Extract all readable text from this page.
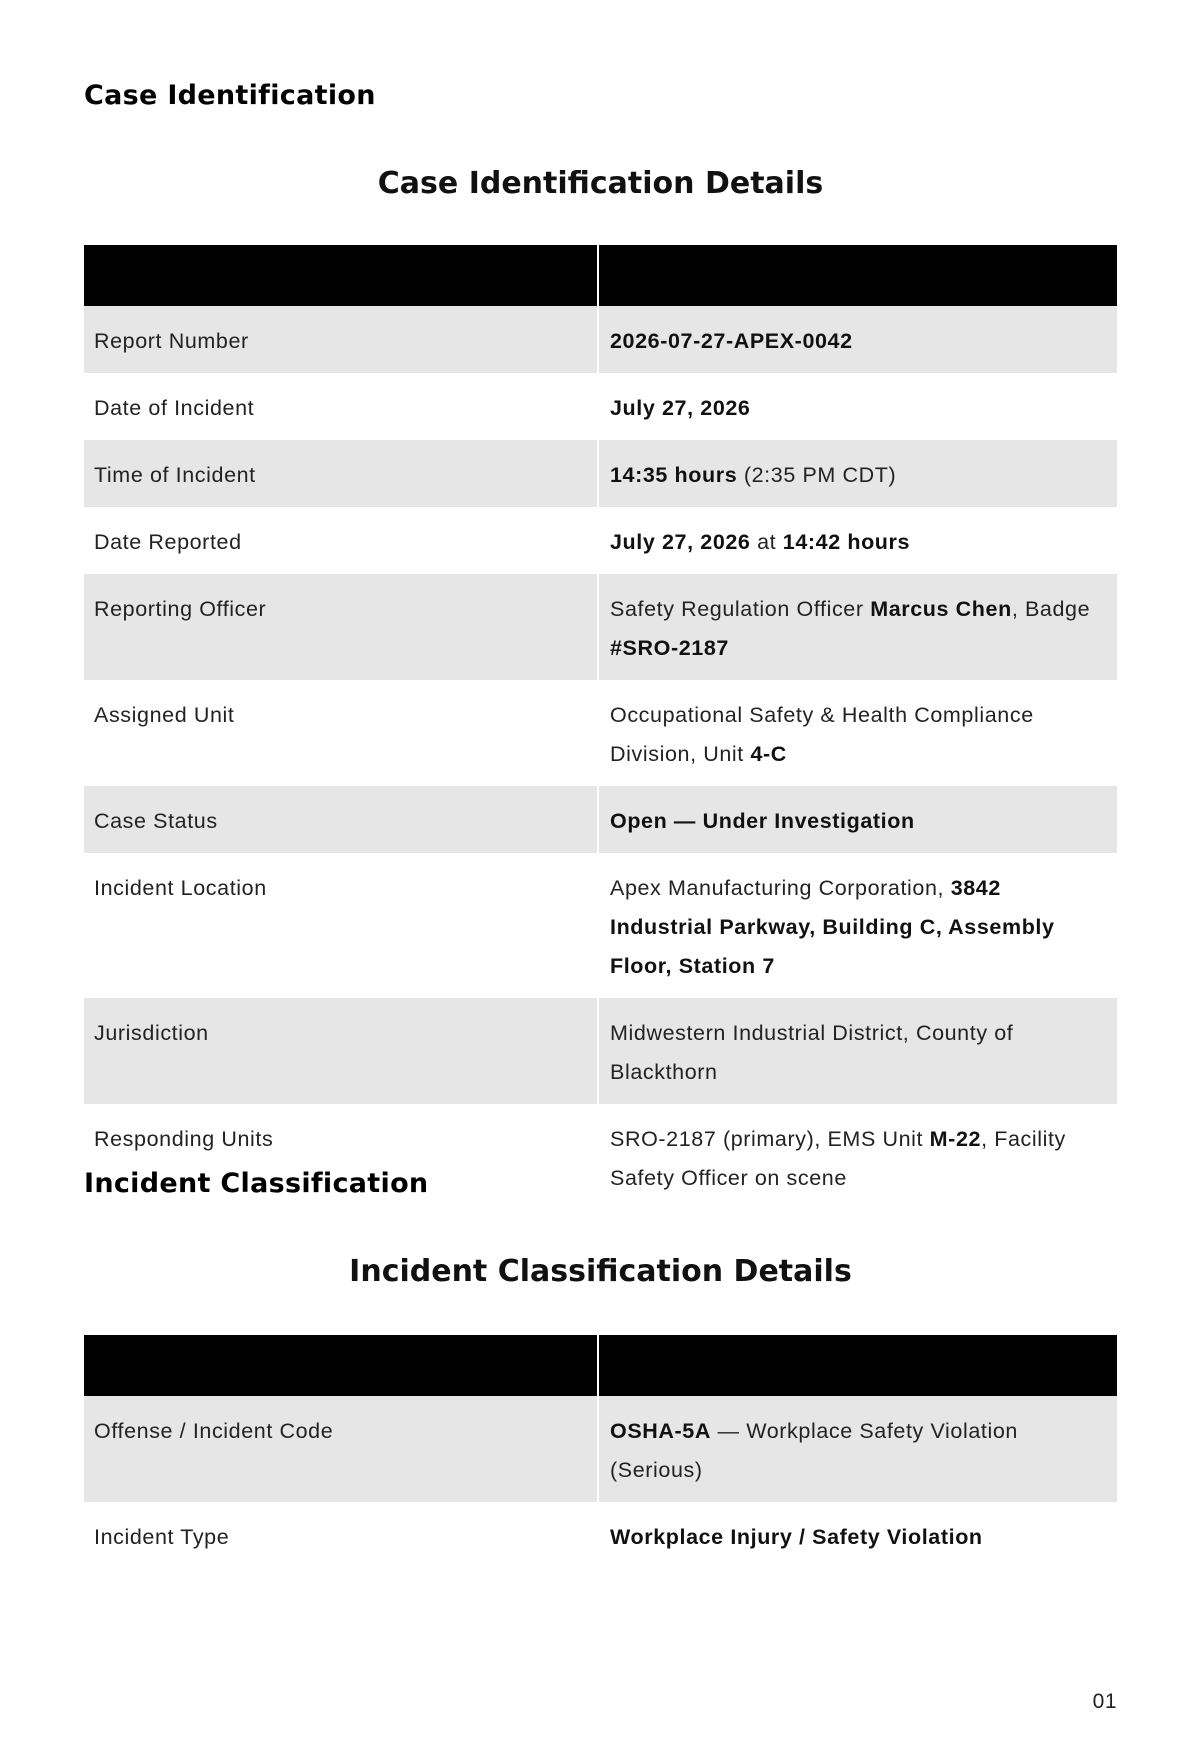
Case Identification
Case Identification Details

Report Number	2026-07-27-APEX-0042
Date of Incident	July 27, 2026
Time of Incident	14:35 hours (2:35 PM CDT)
Date Reported	July 27, 2026 at 14:42 hours
Reporting Officer	Safety Regulation Officer Marcus Chen, Badge #SRO-2187
Assigned Unit	Occupational Safety & Health Compliance Division, Unit 4-C
Case Status	Open — Under Investigation
Incident Location	Apex Manufacturing Corporation, 3842 Industrial Parkway, Building C, Assembly Floor, Station 7
Jurisdiction	Midwestern Industrial District, County of Blackthorn
Responding Units	SRO-2187 (primary), EMS Unit M-22, Facility Safety Officer on scene
Incident Classification
Incident Classification Details

Offense / Incident Code	OSHA-5A — Workplace Safety Violation (Serious)
Incident Type	Workplace Injury / Safety Violation
01
